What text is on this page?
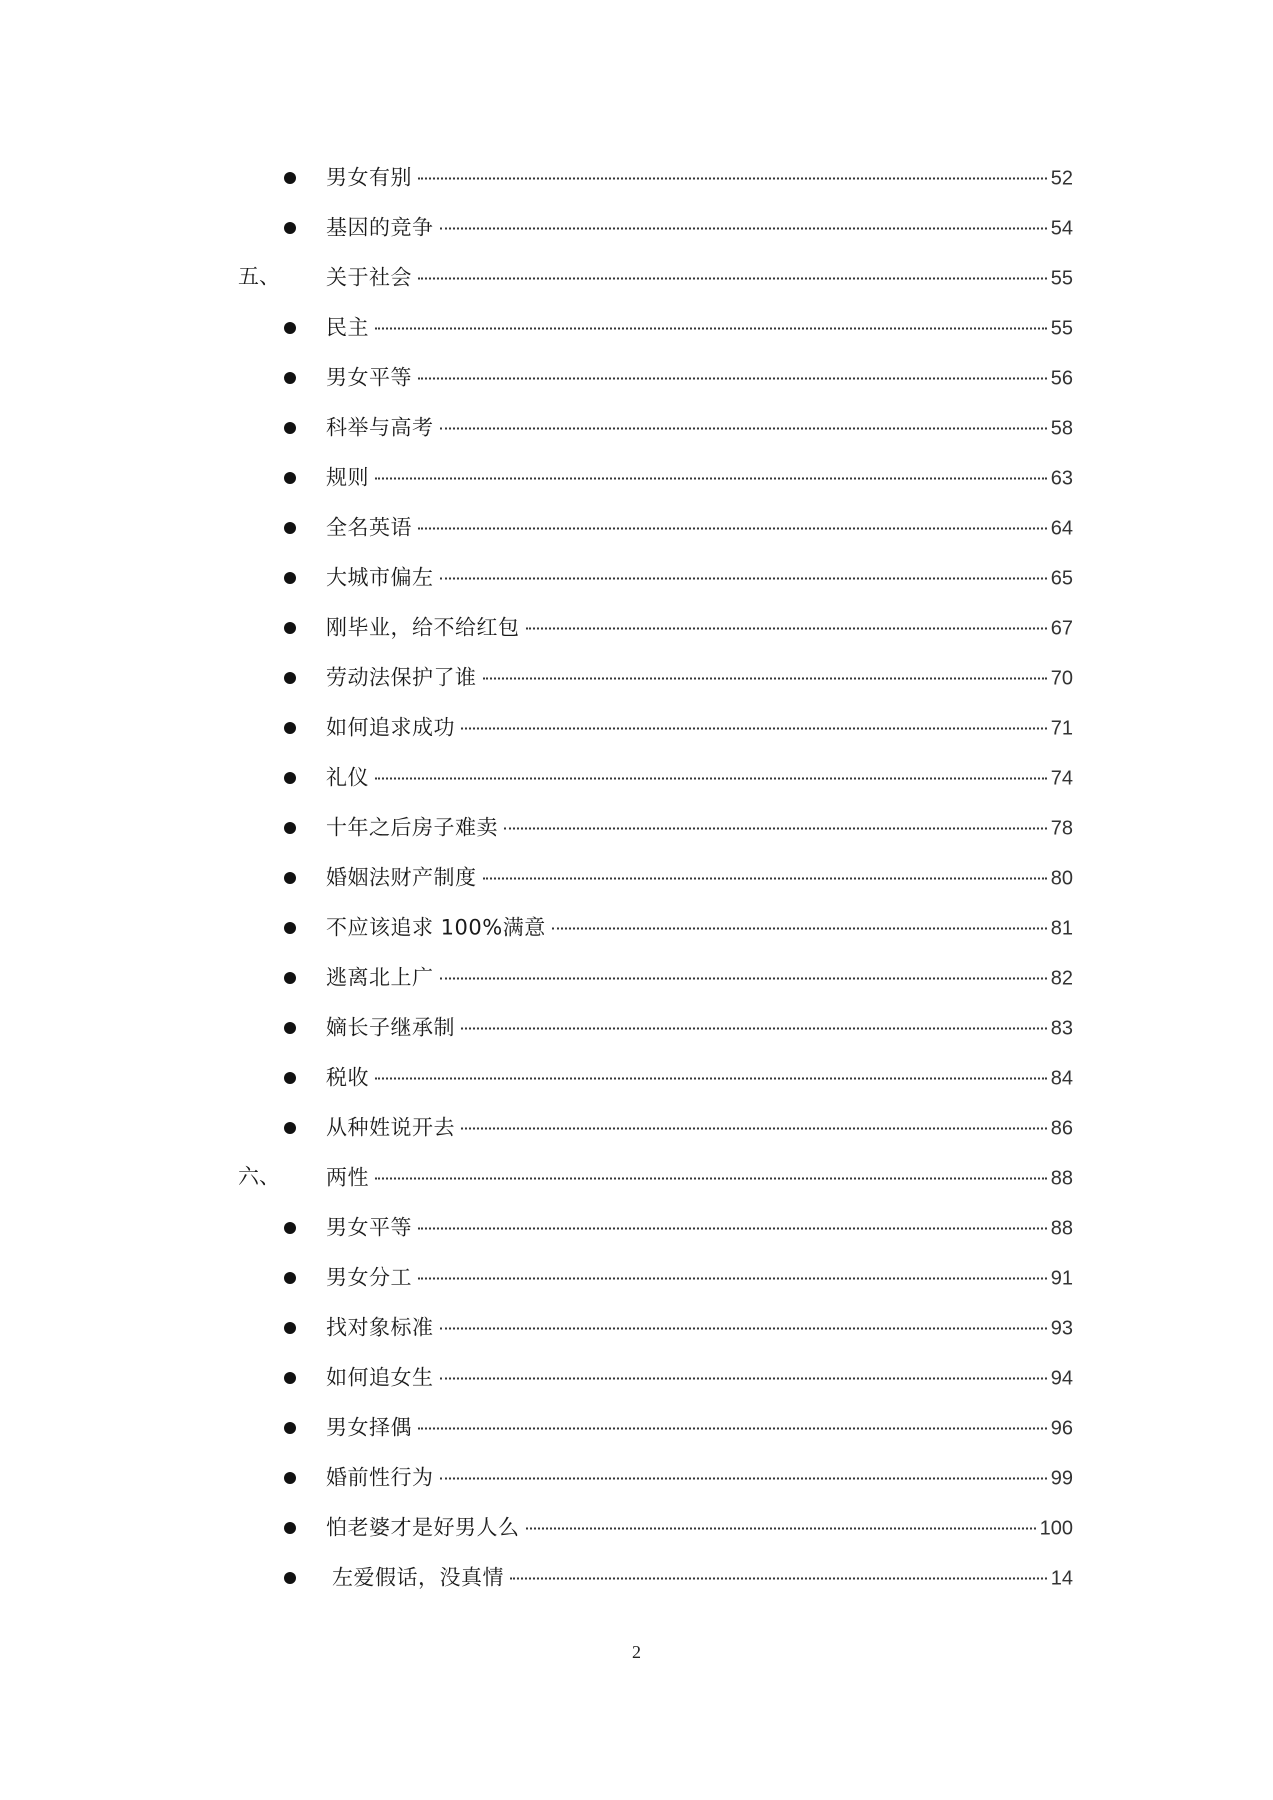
男女有别	52
基因的竞争	54
五、 关于社会	55
民主	55
男女平等	56
科举与高考	58
规则	63
全名英语	64
大城市偏左	65
刚毕业，给不给红包	67
劳动法保护了谁	70
如何追求成功	71
礼仪	74
十年之后房子难卖	78
婚姻法财产制度	80
不应该追求 100%满意	81
逃离北上广	82
嫡长子继承制	83
税收	84
从种姓说开去	86
六、 两性	88
男女平等	88
男女分工	91
找对象标准	93
如何追女生	94
男女择偶	96
婚前性行为	99
怕老婆才是好男人么	100
左爱假话，没真情	14
2
